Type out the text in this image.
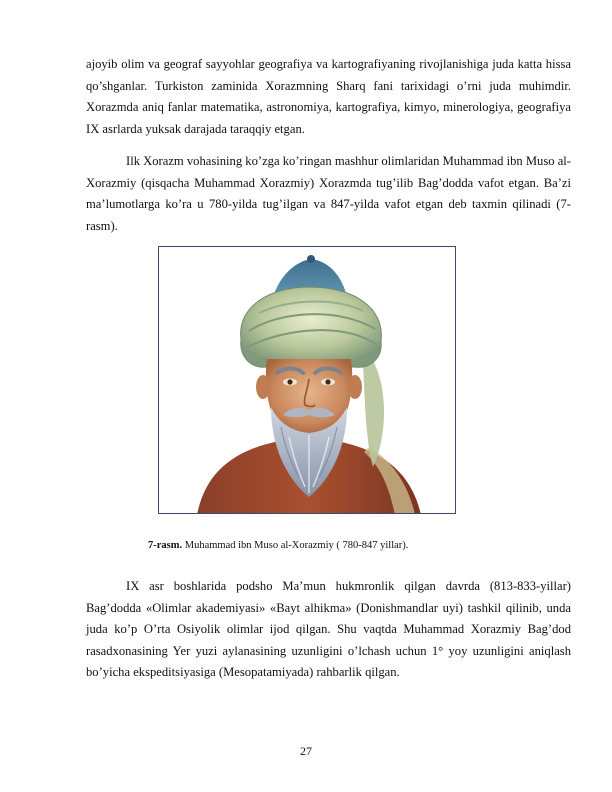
ajoyib olim va geograf sayyohlar geografiya va kartografiyaning rivojlanishiga juda katta hissa qo’shganlar. Turkiston zaminida Xorazmning Sharq fani tarixidagi o’rni juda muhimdir. Xorazmda aniq fanlar matematika, astronomiya, kartografiya, kimyo, minerologiya, geografiya IX asrlarda yuksak darajada taraqqiy etgan.

Ilk Xorazm vohasining ko’zga ko’ringan mashhur olimlaridan Muhammad ibn Muso al-Xorazmiy (qisqacha Muhammad Xorazmiy) Xorazmda tug’ilib Bag’dodda vafot etgan. Ba’zi ma’lumotlarga ko’ra u 780-yilda tug’ilgan va 847-yilda vafot etgan deb taxmin qilinadi (7-rasm).

7-rasm. Muhammad ibn Muso al-Xorazmiy ( 780-847 yillar).

IX asr boshlarida podsho Ma’mun hukmronlik qilgan davrda (813-833-yillar) Bag’dodda «Olimlar akademiyasi» «Bayt alhikma» (Donishmandlar uyi) tashkil qilinib, unda juda ko’p O’rta Osiyolik olimlar ijod qilgan. Shu vaqtda Muhammad Xorazmiy Bag’dod rasadxonasining Yer yuzi aylanasining uzunligini o’lchash uchun 1° yoy uzunligini aniqlash bo’yicha ekspeditsiyasiga (Mesopatamiyada) rahbarlik qilgan.

27
